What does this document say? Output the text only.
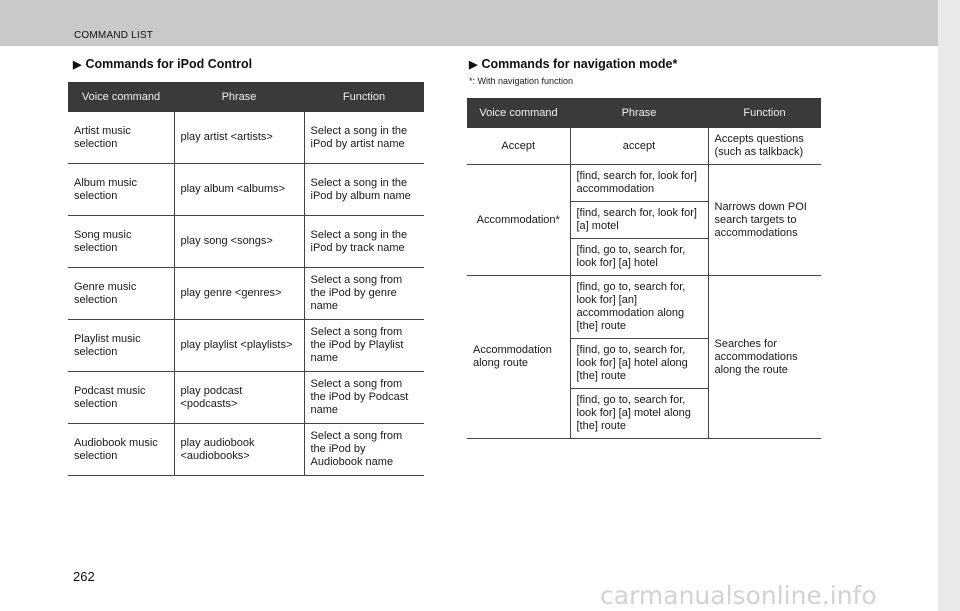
COMMAND LIST
▶ Commands for iPod Control
Voice command	Phrase	Function
Artist music selection	play artist <artists>	Select a song in the iPod by artist name
Album music selection	play album <albums>	Select a song in the iPod by album name
Song music selection	play song <songs>	Select a song in the iPod by track name
Genre music selection	play genre <genres>	Select a song from the iPod by genre name
Playlist music selection	play playlist <playlists>	Select a song from the iPod by Playlist name
Podcast music selection	play podcast <podcasts>	Select a song from the iPod by Podcast name
Audiobook music selection	play audiobook <audiobooks>	Select a song from the iPod by Audiobook name
▶ Commands for navigation mode*
*: With navigation function
Voice command	Phrase	Function
Accept	accept	Accepts questions (such as talkback)
Accommodation*	[find, search for, look for] accommodation	Narrows down POI search targets to accommodations
	[find, search for, look for] [a] motel	
	[find, go to, search for, look for] [a] hotel	
Accommodation along route	[find, go to, search for, look for] [an] accommodation along [the] route	Searches for accommodations along the route
	[find, go to, search for, look for] [a] hotel along [the] route	
	[find, go to, search for, look for] [a] motel along [the] route	
262
carmanualsonline.info
